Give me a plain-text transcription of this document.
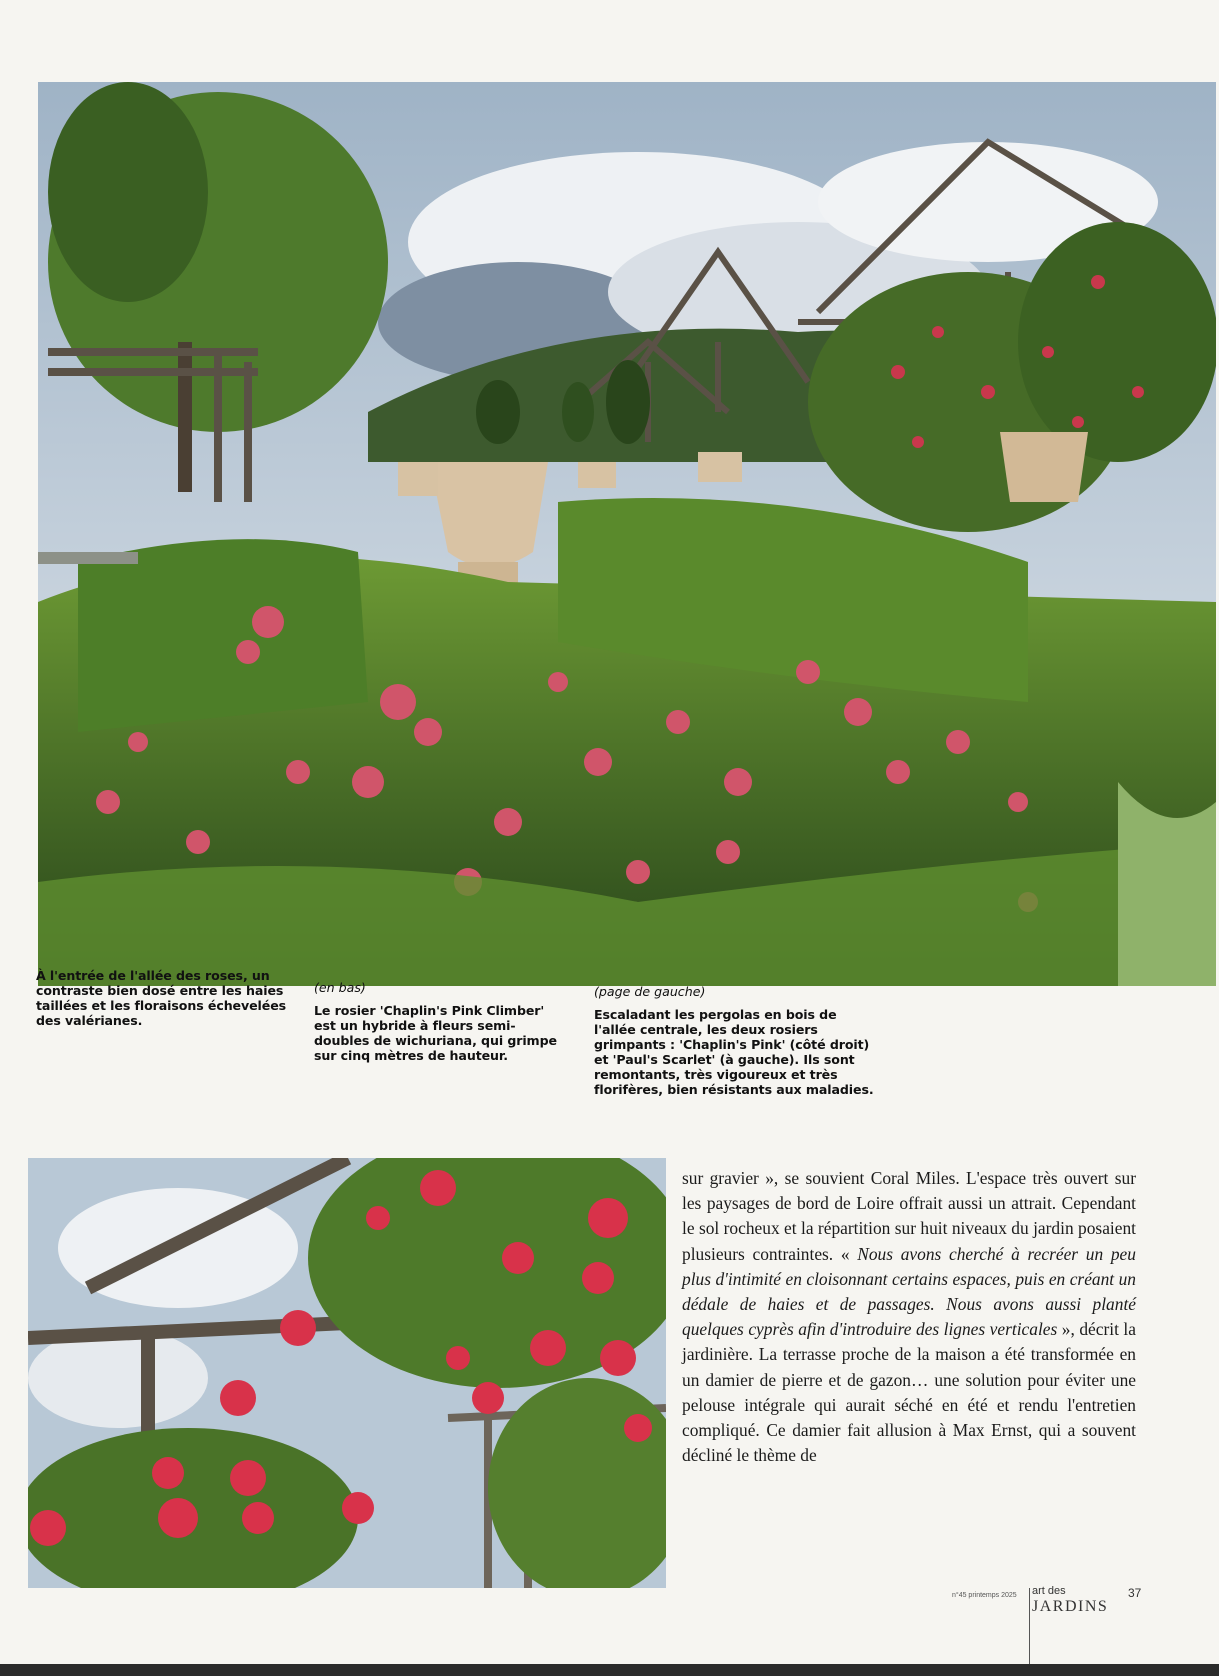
À l'entrée de l'allée des roses, un contraste bien dosé entre les haies taillées et les floraisons échevelées des valérianes.
(en bas)
Le rosier 'Chaplin's Pink Climber' est un hybride à fleurs semi-doubles de wichuriana, qui grimpe sur cinq mètres de hauteur.
(page de gauche)
Escaladant les pergolas en bois de l'allée centrale, les deux rosiers grimpants : 'Chaplin's Pink' (côté droit) et 'Paul's Scarlet' (à gauche). Ils sont remontants, très vigoureux et très florifères, bien résistants aux maladies.

sur gravier », se souvient Coral Miles. L'espace très ouvert sur les paysages de bord de Loire offrait aussi un attrait. Cependant le sol rocheux et la répartition sur huit niveaux du jardin posaient plusieurs contraintes. « Nous avons cherché à recréer un peu plus d'intimité en cloisonnant certains espaces, puis en créant un dédale de haies et de passages. Nous avons aussi planté quelques cyprès afin d'introduire des lignes verticales », décrit la jardinière. La terrasse proche de la maison a été transformée en un damier de pierre et de gazon… une solution pour éviter une pelouse intégrale qui aurait séché en été et rendu l'entretien compliqué. Ce damier fait allusion à Max Ernst, qui a souvent décliné le thème de

n°45 printemps 2025 art des
JARDINS
37
